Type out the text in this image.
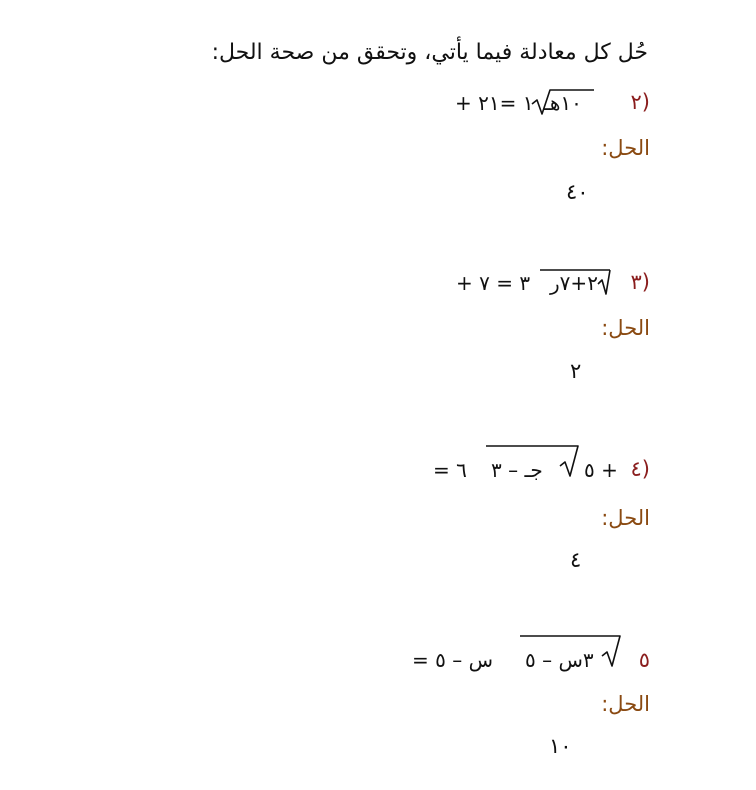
حُل كل معادلة فيما يأتي، وتحقق من صحة الحل:
٢)
١٠هـ
+ ١ =٢١
الحل:
٤٠
٣)
٢+٧ر
+ ٣ = ٧
الحل:
٢
٤)
٥ +
جـ – ٣
= ٦
الحل:
٤
٥
٣س – ٥
= س – ٥
الحل:
١٠
